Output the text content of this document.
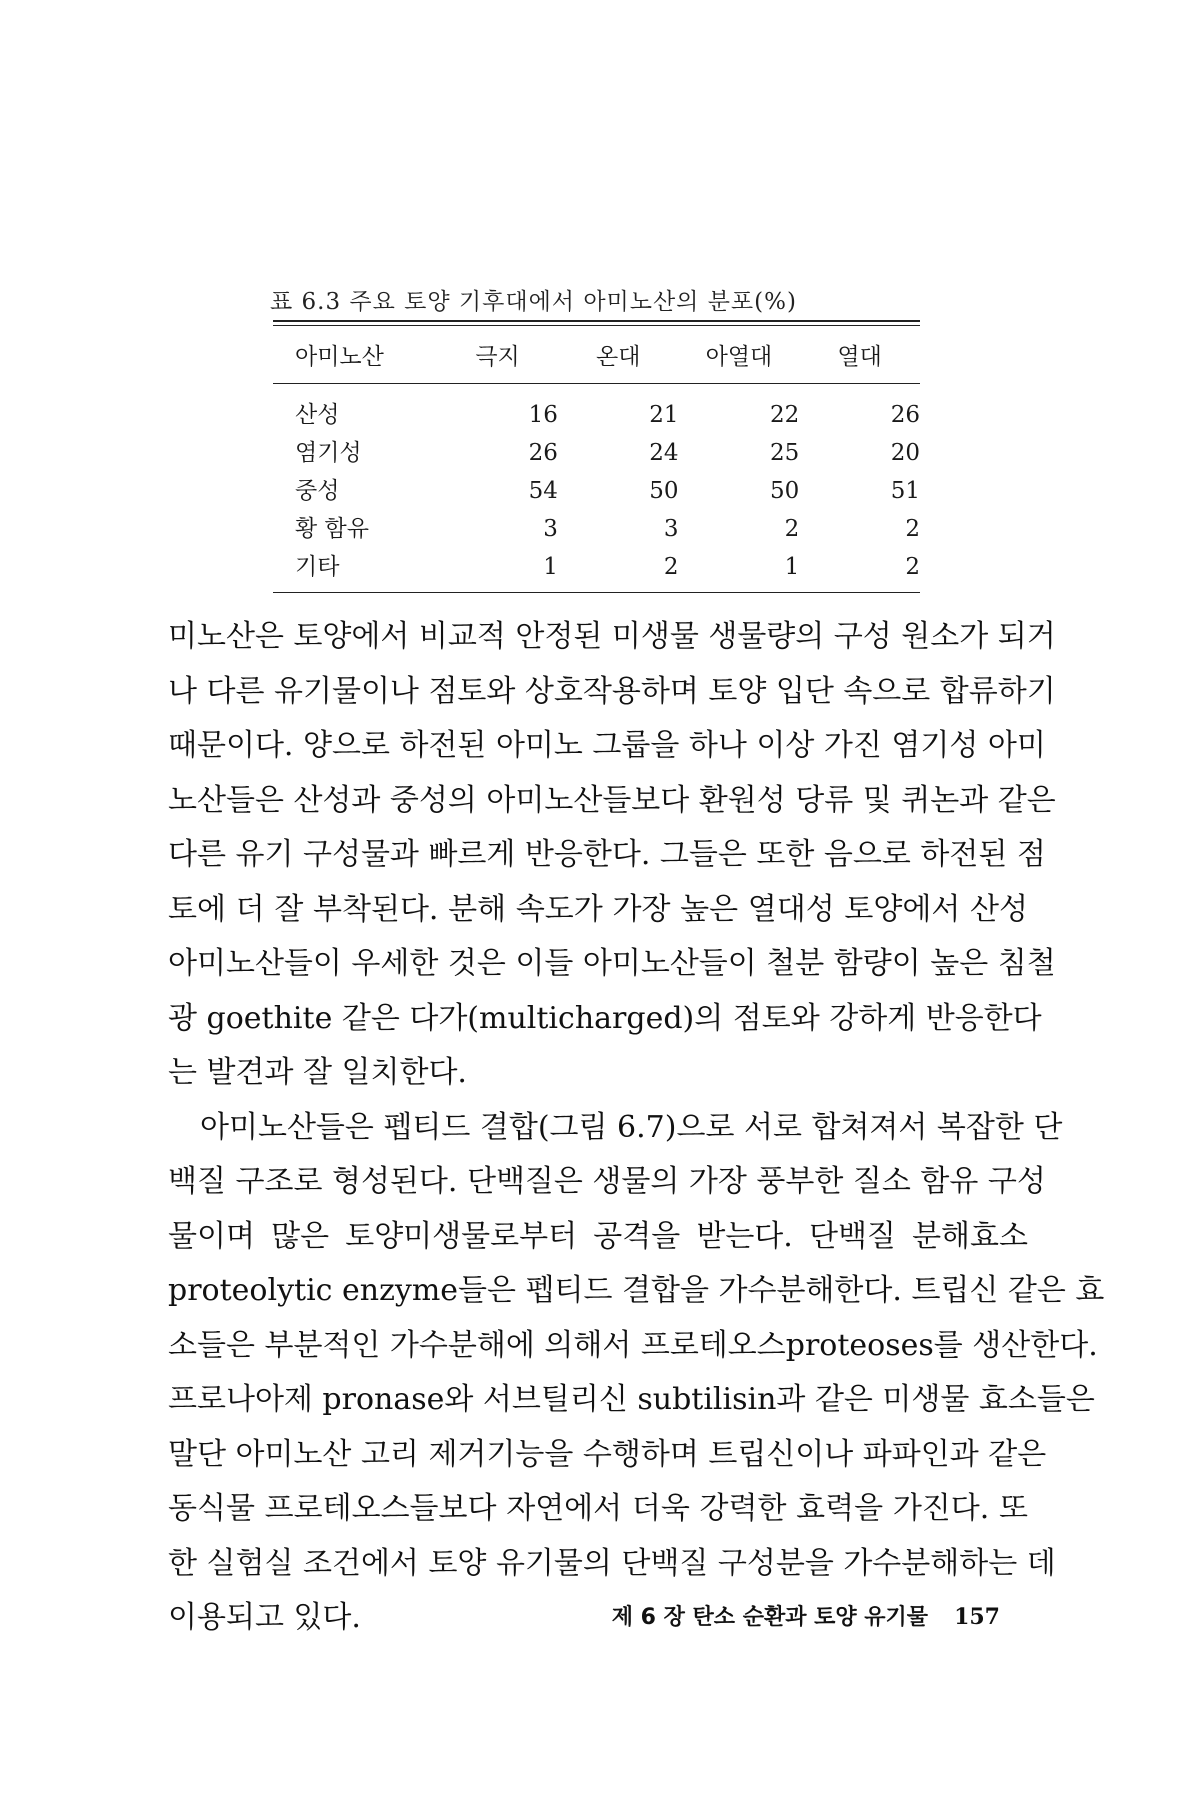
표 6.3 주요 토양 기후대에서 아미노산의 분포(%)
아미노산	극지	온대	아열대	열대
산성	16	21	22	26
염기성	26	24	25	20
중성	54	50	50	51
황 함유	3	3	2	2
기타	1	2	1	2
미노산은 토양에서 비교적 안정된 미생물 생물량의 구성 원소가 되거
나 다른 유기물이나 점토와 상호작용하며 토양 입단 속으로 합류하기
때문이다. 양으로 하전된 아미노 그룹을 하나 이상 가진 염기성 아미
노산들은 산성과 중성의 아미노산들보다 환원성 당류 및 퀴논과 같은
다른 유기 구성물과 빠르게 반응한다. 그들은 또한 음으로 하전된 점
토에 더 잘 부착된다. 분해 속도가 가장 높은 열대성 토양에서 산성
아미노산들이 우세한 것은 이들 아미노산들이 철분 함량이 높은 침철
광 goethite 같은 다가(multicharged)의 점토와 강하게 반응한다
는 발견과 잘 일치한다.
아미노산들은 펩티드 결합(그림 6.7)으로 서로 합쳐져서 복잡한 단
백질 구조로 형성된다. 단백질은 생물의 가장 풍부한 질소 함유 구성
물이며 많은 토양미생물로부터 공격을 받는다. 단백질 분해효소
proteolytic enzyme들은 펩티드 결합을 가수분해한다. 트립신 같은 효
소들은 부분적인 가수분해에 의해서 프로테오스proteoses를 생산한다.
프로나아제 pronase와 서브틸리신 subtilisin과 같은 미생물 효소들은
말단 아미노산 고리 제거기능을 수행하며 트립신이나 파파인과 같은
동식물 프로테오스들보다 자연에서 더욱 강력한 효력을 가진다. 또
한 실험실 조건에서 토양 유기물의 단백질 구성분을 가수분해하는 데
이용되고 있다.	제 6 장 탄소 순환과 토양 유기물 157
